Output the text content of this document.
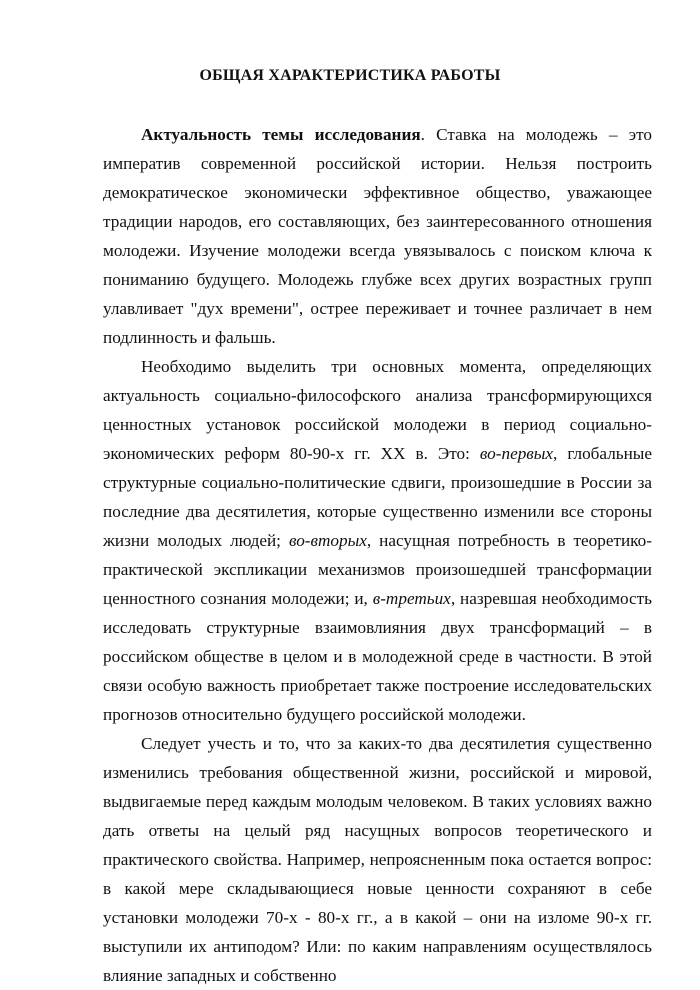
ОБЩАЯ ХАРАКТЕРИСТИКА РАБОТЫ

Актуальность темы исследования. Ставка на молодежь – это императив современной российской истории. Нельзя построить демократическое экономически эффективное общество, уважающее традиции народов, его составляющих, без заинтересованного отношения молодежи. Изучение молодежи всегда увязывалось с поиском ключа к пониманию будущего. Молодежь глубже всех других возрастных групп улавливает "дух времени", острее переживает и точнее различает в нем подлинность и фальшь.

Необходимо выделить три основных момента, определяющих актуальность социально-философского анализа трансформирующихся ценностных установок российской молодежи в период социально-экономических реформ 80-90-х гг. XX в. Это: во-первых, глобальные структурные социально-политические сдвиги, произошедшие в России за последние два десятилетия, которые существенно изменили все стороны жизни молодых людей; во-вторых, насущная потребность в теоретико-практической экспликации механизмов произошедшей трансформации ценностного сознания молодежи; и, в-третьих, назревшая необходимость исследовать структурные взаимовлияния двух трансформаций – в российском обществе в целом и в молодежной среде в частности. В этой связи особую важность приобретает также построение исследовательских прогнозов относительно будущего российской молодежи.

Следует учесть и то, что за каких-то два десятилетия существенно изменились требования общественной жизни, российской и мировой, выдвигаемые перед каждым молодым человеком. В таких условиях важно дать ответы на целый ряд насущных вопросов теоретического и практического свойства. Например, непроясненным пока остается вопрос: в какой мере складывающиеся новые ценности сохраняют в себе установки молодежи 70-х - 80-х гг., а в какой – они на изломе 90-х гг. выступили их антиподом? Или: по каким направлениям осуществлялось влияние западных и собственно
